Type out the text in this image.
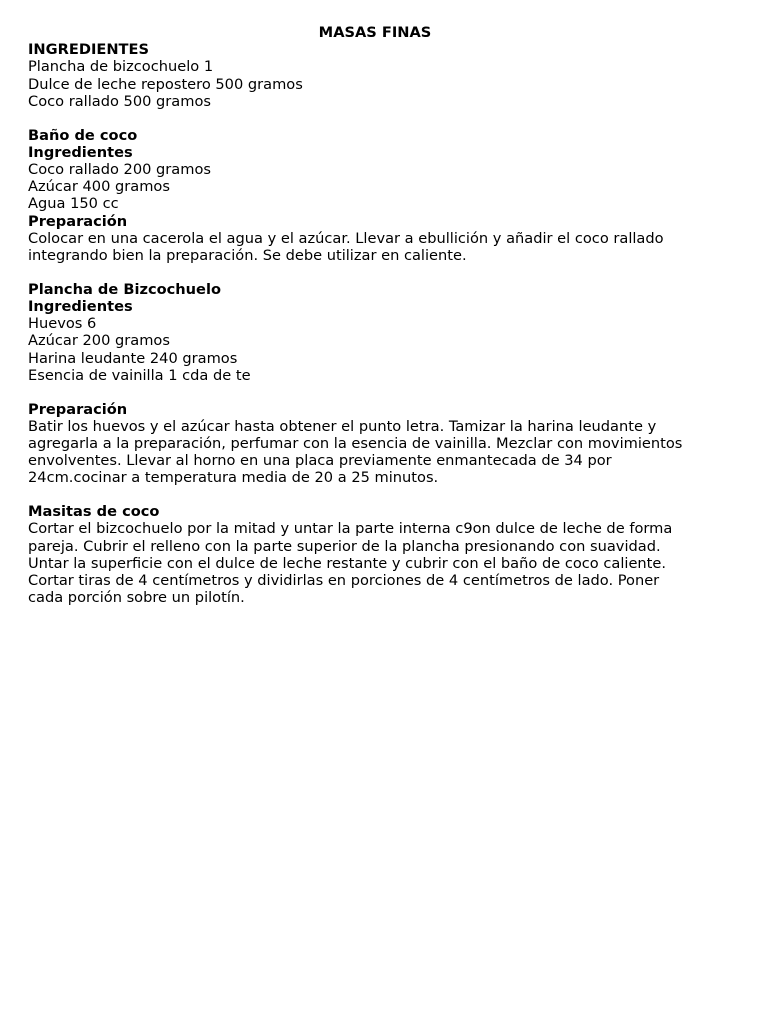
MASAS FINAS
INGREDIENTES
Plancha de bizcochuelo 1
Dulce de leche repostero 500 gramos
Coco rallado 500 gramos
Baño de coco
Ingredientes
Coco rallado 200 gramos
Azúcar 400 gramos
Agua 150 cc
Preparación
Colocar en una cacerola el agua y el azúcar. Llevar a ebullición y añadir el coco rallado
integrando bien la preparación. Se debe utilizar en caliente.
Plancha de Bizcochuelo
Ingredientes
Huevos 6
Azúcar 200 gramos
Harina leudante 240 gramos
Esencia de vainilla 1 cda de te
Preparación
Batir los huevos y el azúcar hasta obtener el punto letra. Tamizar la harina leudante y
agregarla a la preparación, perfumar con la esencia de vainilla. Mezclar con movimientos
envolventes. Llevar al horno en una placa previamente enmantecada de 34 por
24cm.cocinar a temperatura media de 20 a 25 minutos.
Masitas de coco
Cortar el bizcochuelo por la mitad y untar la parte interna c9on dulce de leche de forma
pareja. Cubrir el relleno con la parte superior de la plancha presionando con suavidad.
Untar la superficie con el dulce de leche restante y cubrir con el baño de coco caliente.
Cortar tiras de 4 centímetros y dividirlas en porciones de 4 centímetros de lado. Poner
cada porción sobre un pilotín.
